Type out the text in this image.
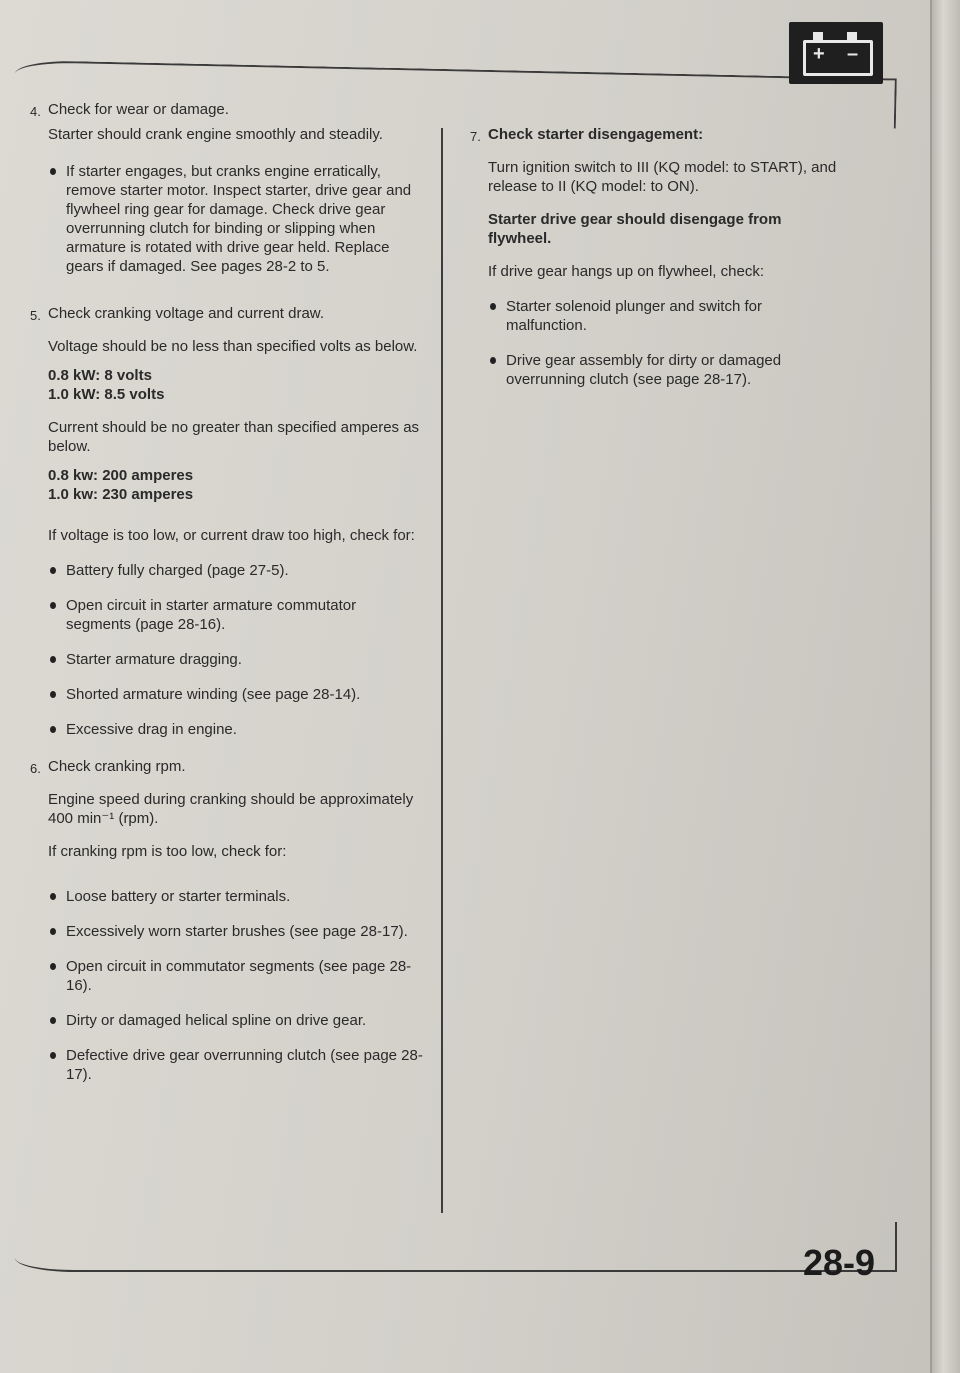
+ –
4. Check for wear or damage.
Starter should crank engine smoothly and steadily.
If starter engages, but cranks engine erratically, remove starter motor. Inspect starter, drive gear and flywheel ring gear for damage. Check drive gear overrunning clutch for binding or slipping when armature is rotated with drive gear held. Replace gears if damaged. See pages 28-2 to 5.
5. Check cranking voltage and current draw.
Voltage should be no less than specified volts as below.
0.8 kW: 8 volts
1.0 kW: 8.5 volts
Current should be no greater than specified amperes as below.
0.8 kw: 200 amperes
1.0 kw: 230 amperes
If voltage is too low, or current draw too high, check for:
Battery fully charged (page 27-5).
Open circuit in starter armature commutator segments (page 28-16).
Starter armature dragging.
Shorted armature winding (see page 28-14).
Excessive drag in engine.
6. Check cranking rpm.
Engine speed during cranking should be approximately 400 min⁻¹ (rpm).
If cranking rpm is too low, check for:
Loose battery or starter terminals.
Excessively worn starter brushes (see page 28-17).
Open circuit in commutator segments (see page 28-16).
Dirty or damaged helical spline on drive gear.
Defective drive gear overrunning clutch (see page 28-17).
7. Check starter disengagement:
Turn ignition switch to III (KQ model: to START), and release to II (KQ model: to ON).
Starter drive gear should disengage from flywheel.
If drive gear hangs up on flywheel, check:
Starter solenoid plunger and switch for malfunction.
Drive gear assembly for dirty or damaged overrunning clutch (see page 28-17).
28-9
